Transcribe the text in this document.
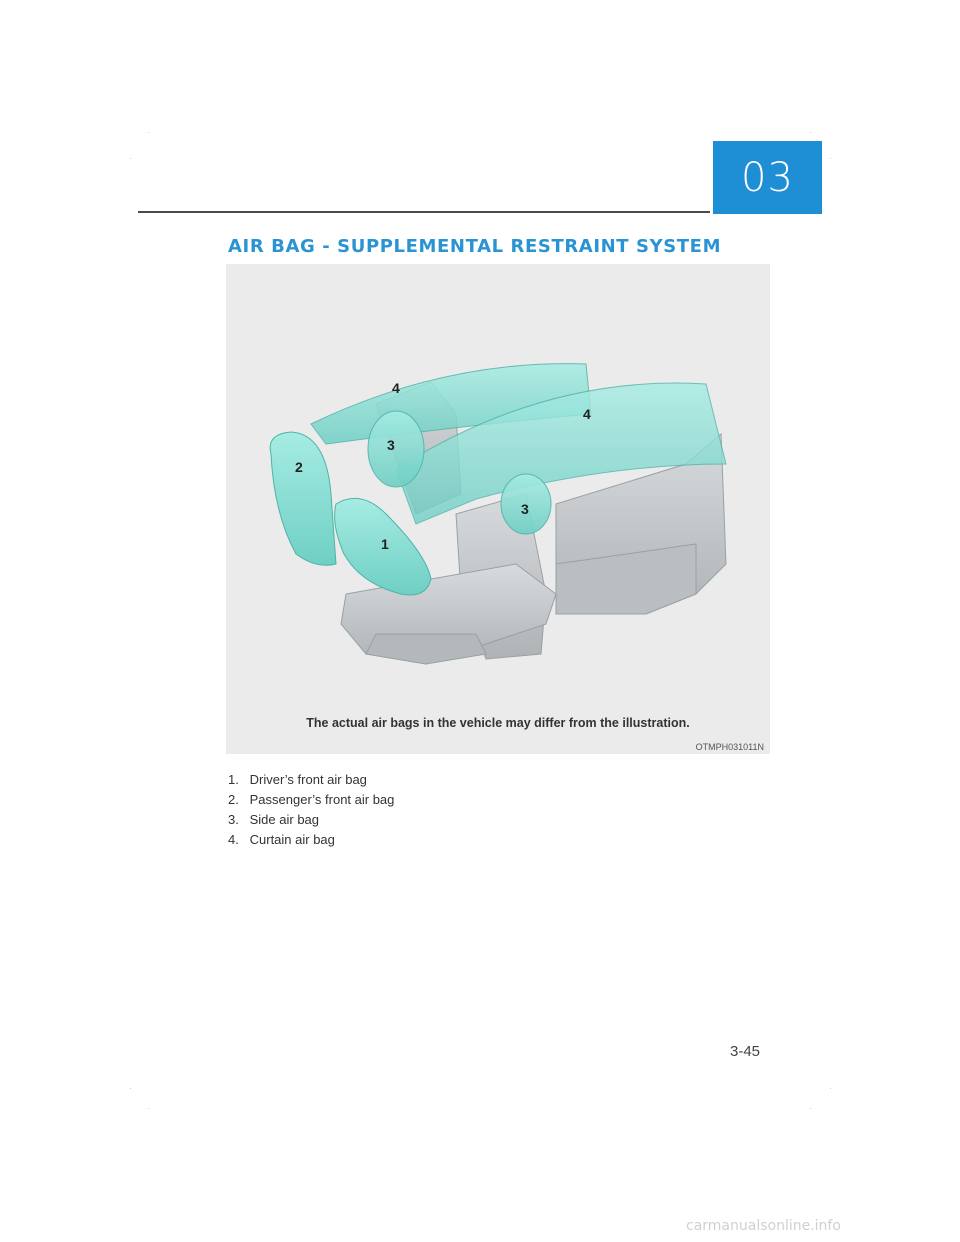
03
AIR BAG - SUPPLEMENTAL RESTRAINT SYSTEM
4
3
2
1
4
3
The actual air bags in the vehicle may differ from the illustration.
OTMPH031011N
1. Driver’s front air bag
2. Passenger’s front air bag
3. Side air bag
4. Curtain air bag
3-45
carmanualsonline.info
